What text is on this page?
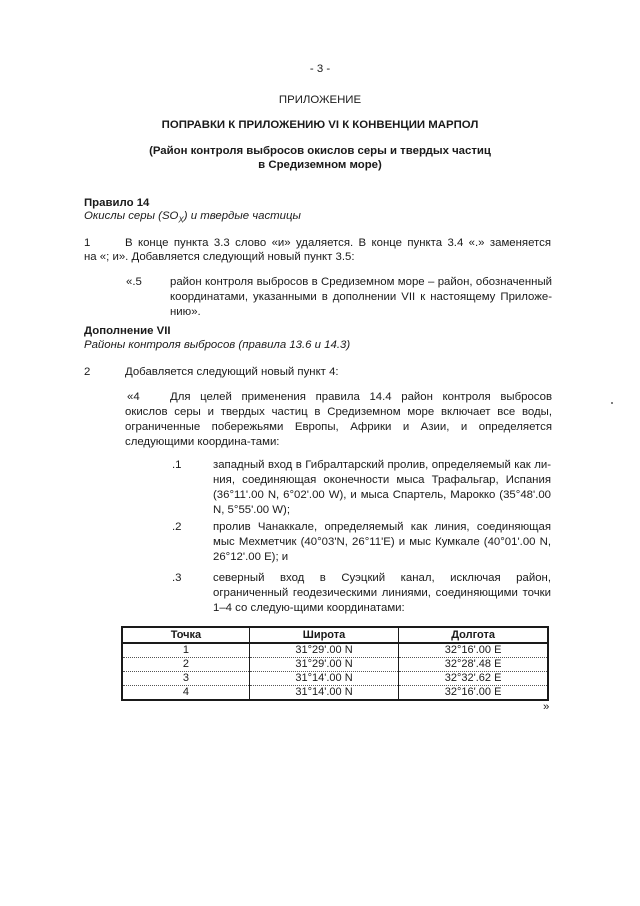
- 3 -
ПРИЛОЖЕНИЕ
ПОПРАВКИ К ПРИЛОЖЕНИЮ VI К КОНВЕНЦИИ МАРПОЛ
(Район контроля выбросов окислов серы и твердых частиц
в Средиземном море)
Правило 14
Окислы серы $(SO_X)$ и твердые частицы
1	В конце пункта 3.3 слово «и» удаляется. В конце пункта 3.4 «.» заменяется
на «; и». Добавляется следующий новый пункт 3.5:
«.5 район контроля выбросов в Средиземном море – район, обозначенный координатами, указанными в дополнении VII к настоящему Приложе-нию».
Дополнение VII
Районы контроля выбросов (правила 13.6 и 14.3)
2	Добавляется следующий новый пункт 4:
«4	Для целей применения правила 14.4 район контроля выбросов окислов серы и твердых частиц в Средиземном море включает все воды, ограниченные побережьями Европы, Африки и Азии, и определяется следующими координа-тами:
.1	западный вход в Гибралтарский пролив, определяемый как ли-ния, соединяющая оконечности мыса Трафальгар, Испания (36°11'.00 N, 6°02'.00 W), и мыса Спартель, Марокко (35°48'.00 N, 5°55'.00 W);
.2	пролив Чанаккале, определяемый как линия, соединяющая мыс Мехметчик (40°03'N, 26°11'E) и мыс Кумкале (40°01'.00 N, 26°12'.00 E); и
.3	северный вход в Суэцкий канал, исключая район, ограниченный геодезическими линиями, соединяющими точки 1–4 со следую-щими координатами:
Точка	Широта	Долгота
1	31°29'.00 N	32°16'.00 E
2	31°29'.00 N	32°28'.48 E
3	31°14'.00 N	32°32'.62 E
4	31°14'.00 N	32°16'.00 E
»
